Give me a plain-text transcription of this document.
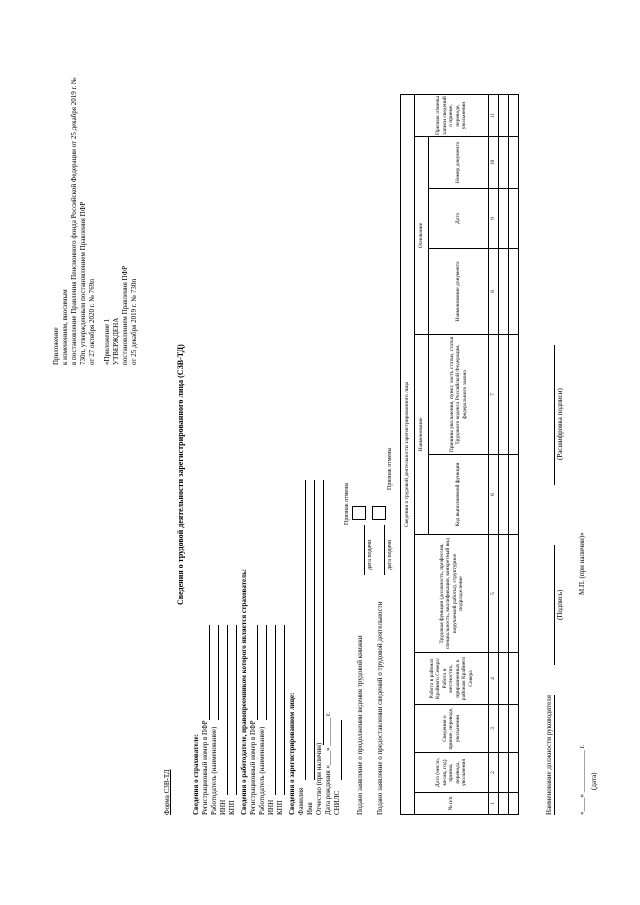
Приложение к изменениям, вносимым в постановление Правления Пенсионного фонда Российской Федерации от 25 декабря 2019 г. № 730п, утвержденным постановлением Правления ПФР от 27 октября 2020 г. № 769п «Приложение 1 УТВЕРЖДЕНА постановлением Правления ПФР от 25 декабря 2019 г. № 730п
Форма СЗВ-ТД
Сведения о трудовой деятельности зарегистрированного лица (СЗВ-ТД)
Сведения о страхователе: Регистрационный номер в ПФР Работодатель (наименование) ИНН КПП Сведения о работодателе, правопреемником которого является страхователь: Регистрационный номер в ПФР Работодатель (наименование) ИНН КПП Сведения о зарегистрированном лице: Фамилия Имя Отчество (при наличии) Дата рождения «____» ________ г. СНИЛС Подано заявление о продолжении ведения трудовой книжки
дата подачи
Признак отмены
Подано заявление о предоставлении сведений о трудовой деятельности
дата подачи
Признак отмены Сведения о трудовой деятельности зарегистрированного лица										
№ п/п	Дата (число, месяц, год) приема, перевода, увольнения	Сведения о приеме, переводе, увольнении	Работа в районах Крайнего Севера/Работа в местностях, приравненных к районам Крайнего Севера	Трудовая функция (должность, профессия, специальность, квалификация, конкретный вид поручаемой работы), структурное подразделение	Наименование		Основание			Признак отмены записи сведений о приеме, переводе, увольнении
					Код выполняемой функции	Причины увольнения, пункт, часть статьи, статья Трудового кодекса Российской Федерации, федерального закона	Наименование документа	Дата	Номер документа	
1	2	3	4	5	6	7	8	9	10	11

Наименование должности руководителя
(Подпись)
(Расшифровка подписи)
«____» ____________ г. (дата)
М.П. (при наличии)»
